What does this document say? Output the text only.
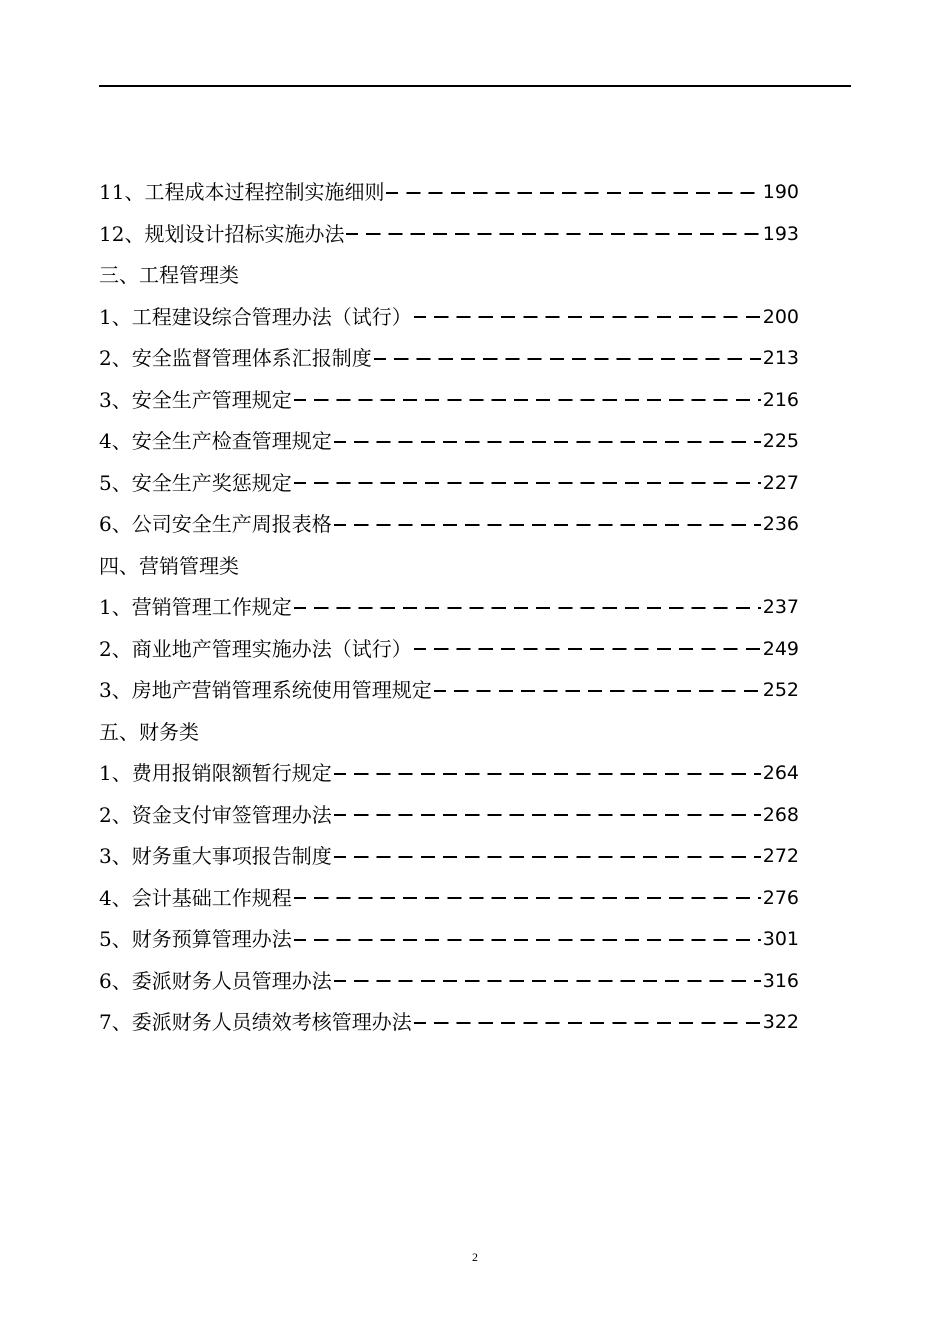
11、工程成本过程控制实施细则	190
12、规划设计招标实施办法	193
三、工程管理类
1、工程建设综合管理办法（试行）	200
2、安全监督管理体系汇报制度	213
3、安全生产管理规定	216
4、安全生产检查管理规定	225
5、安全生产奖惩规定	227
6、公司安全生产周报表格	236
四、营销管理类
1、营销管理工作规定	237
2、商业地产管理实施办法（试行）	249
3、房地产营销管理系统使用管理规定	252
五、财务类
1、费用报销限额暂行规定	264
2、资金支付审签管理办法	268
3、财务重大事项报告制度	272
4、会计基础工作规程	276
5、财务预算管理办法	301
6、委派财务人员管理办法	316
7、委派财务人员绩效考核管理办法	322
2
